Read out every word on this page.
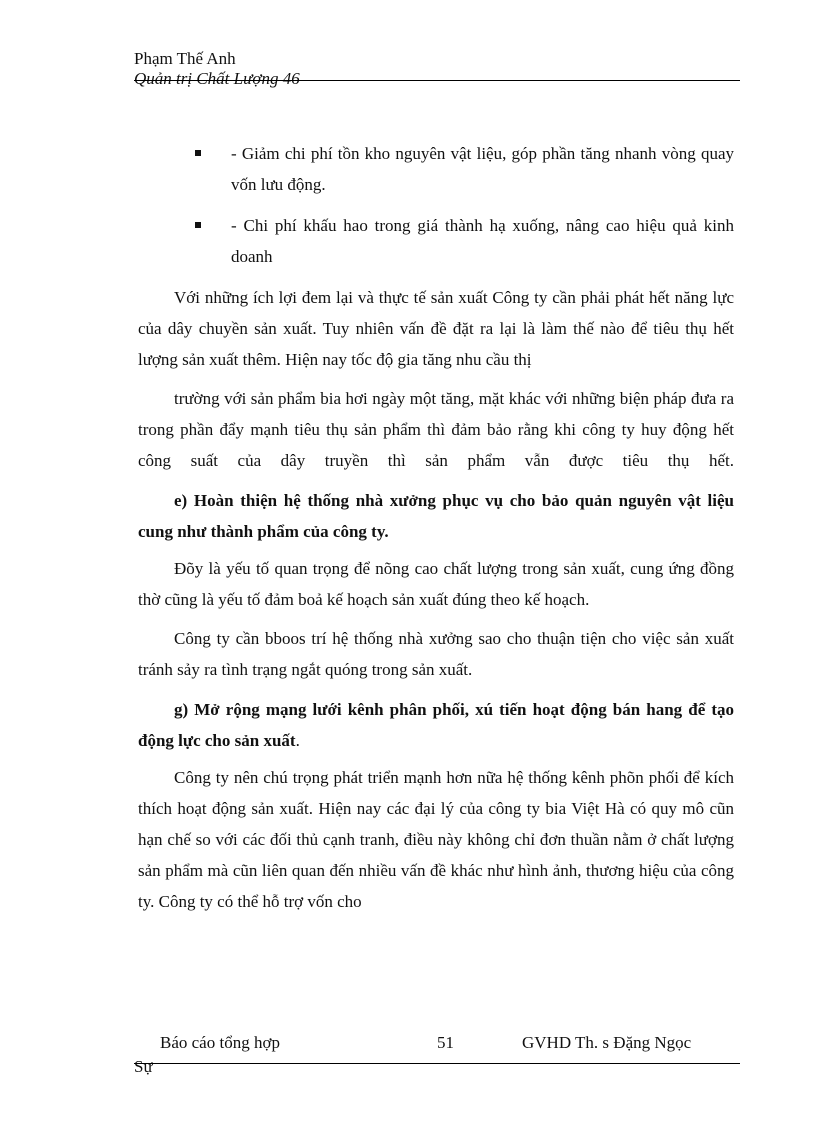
Phạm Thế Anh
Quản trị Chất Lượng 46
- Giảm chi phí tồn kho nguyên vật liệu, góp phần tăng nhanh vòng quay vốn lưu động.
- Chi phí khấu hao trong giá thành hạ xuống, nâng cao hiệu quả kinh doanh

Với những ích lợi đem lại và thực tế sản xuất Công ty cần phải phát hết năng lực của dây chuyền sản xuất. Tuy nhiên vấn đề đặt ra lại là làm thế nào để tiêu thụ hết lượng sản xuất thêm. Hiện nay tốc độ gia tăng nhu cầu thị

trường với sản phẩm bia hơi ngày một tăng, mặt khác với những biện pháp đưa ra trong phần đẩy mạnh tiêu thụ sản phẩm thì đảm bảo rằng khi công ty huy động hết công suất của dây truyền thì sản phẩm vẫn được tiêu thụ hết.

e) Hoàn thiện hệ thống nhà xưởng phục vụ cho bảo quản nguyên vật liệu cung như thành phẩm của công ty.

Đõy là yếu tố quan trọng để nõng cao chất lượng trong sản xuất, cung ứng đồng thờ cũng là yếu tố đảm boả kế hoạch sản xuất đúng theo kế hoạch.

Công ty cần bboos trí hệ thống nhà xưởng sao cho thuận tiện cho việc sản xuất tránh sảy ra tình trạng ngắt quóng trong sản xuất.

g) Mở rộng mạng lưới kênh phân phối, xú tiến hoạt động bán hang để tạo động lực cho sản xuất.

Công ty nên chú trọng phát triển mạnh hơn nữa hệ thống kênh phõn phối để kích thích hoạt động sản xuất. Hiện nay các đại lý của công ty bia Việt Hà có quy mô cũn hạn chế so với các đối thủ cạnh tranh, điều này không chỉ đơn thuần nằm ở chất lượng sản phẩm mà cũn liên quan đến nhiều vấn đề khác như hình ảnh, thương hiệu của công ty. Công ty có thể hỗ trợ vốn cho

Báo cáo tổng hợp	51	GVHD Th. s Đặng Ngọc
Sự
